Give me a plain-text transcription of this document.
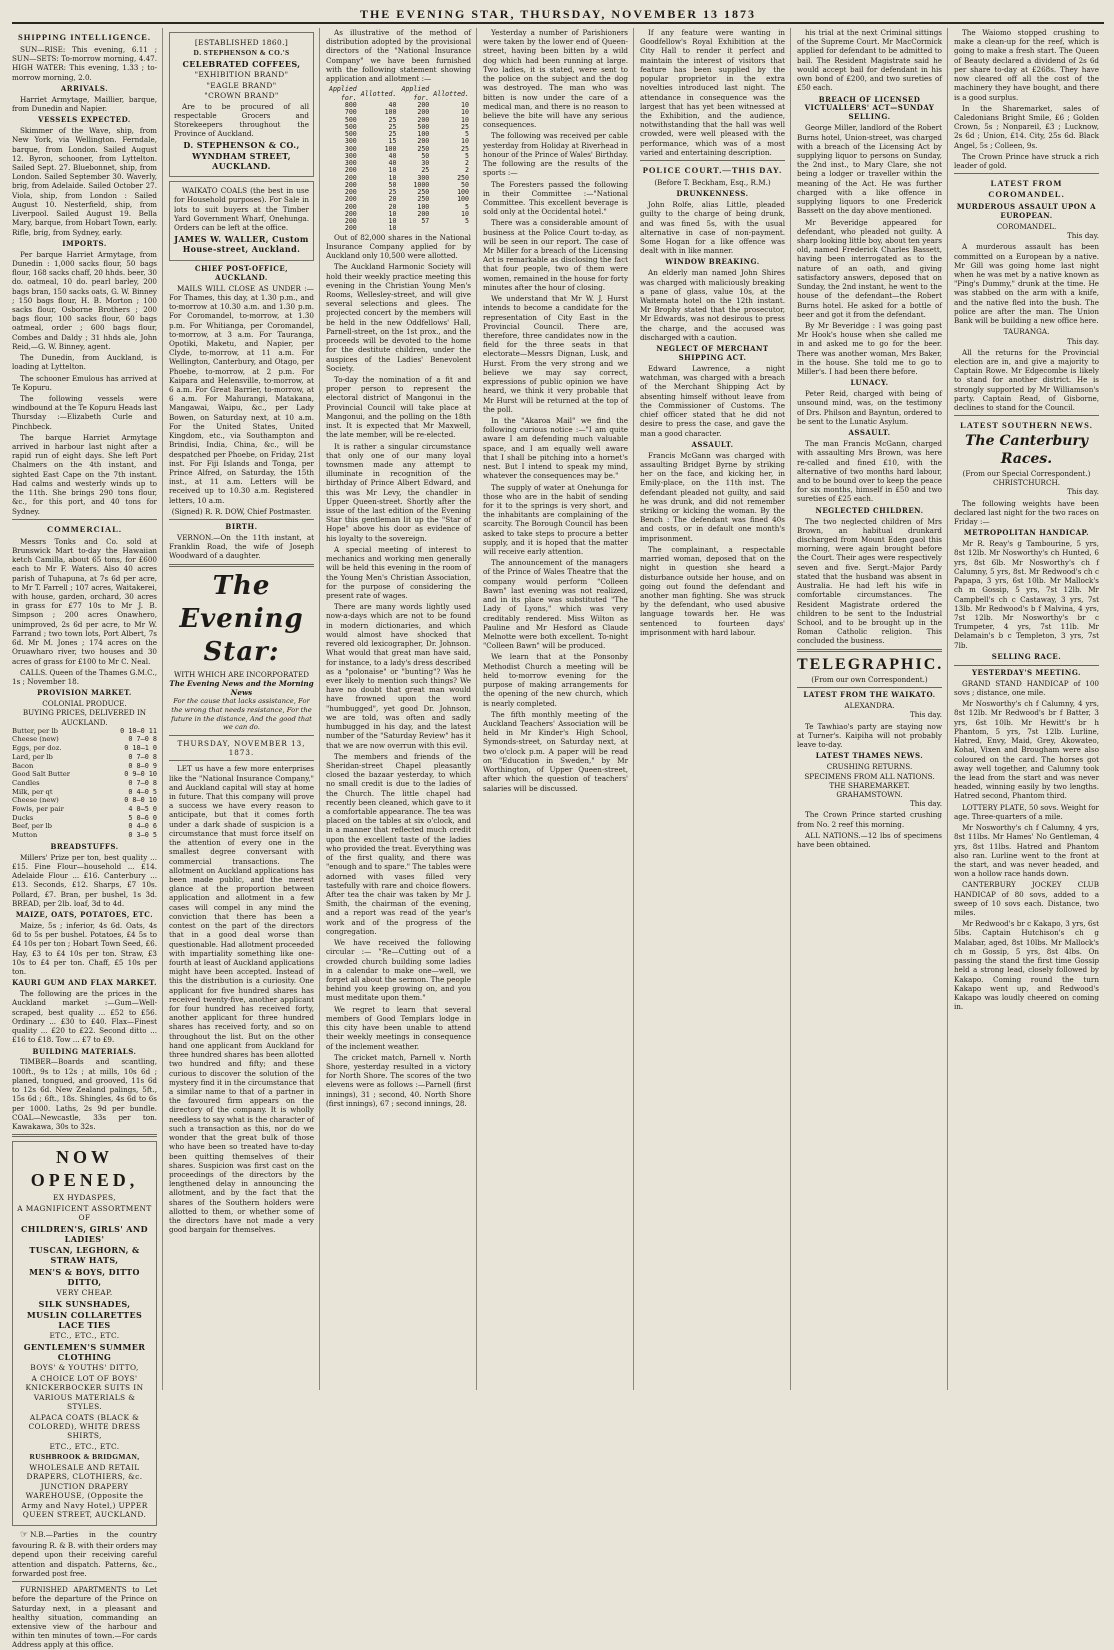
THE EVENING STAR, THURSDAY, NOVEMBER 13 1873
SHIPPING INTELLIGENCE.

SUN—RISE: This evening, 6.11 ; SUN—SETS: To-morrow morning, 4.47. HIGH WATER: This evening, 1.33 ; to-morrow morning, 2.0.

ARRIVALS.

Harriet Armytage, Maillier, barque, from Dunedin and Napier.

VESSELS EXPECTED.

Skimmer of the Wave, ship, from New York, via Wellington. Ferndale, barque, from London. Sailed August 12. Byron, schooner, from Lyttelton. Sailed Sept. 27. Bluebonnet, ship, from London. Sailed September 30. Waverly, brig, from Adelaide. Sailed October 27. Viola, ship, from London : Sailed August 10. Nesterfield, ship, from Liverpool. Sailed August 19. Bella Mary, barque, from Hobart Town, early. Rifle, brig, from Sydney, early.

IMPORTS.

Per barque Harriet Armytage, from Dunedin : 1,000 sacks flour, 50 bags flour, 168 sacks chaff, 20 hhds. beer, 30 do. oatmeal, 10 do. pearl barley, 200 bags bran, 150 sacks oats, G. W. Binney ; 150 bags flour, H. B. Morton ; 100 sacks flour, Osborne Brothers ; 200 bags flour, 100 sacks flour, 60 bags oatmeal, order ; 600 bags flour, Combes and Daldy ; 31 hhds ale, John Reid,—G. W. Binney, agent.

The Dunedin, from Auckland, is loading at Lyttelton.

The schooner Emulous has arrived at Te Kopuru.

The following vessels were windbound at the Te Kopuru Heads last Thursday :—Elizabeth Curle and Pinchbeck.

The barque Harriet Armytage arrived in harbour last night after a rapid run of eight days. She left Port Chalmers on the 4th instant, and sighted East Cape on the 7th instant. Had calms and westerly winds up to the 11th. She brings 290 tons flour, &c., for this port, and 40 tons for Sydney.

COMMERCIAL.

Messrs Tonks and Co. sold at Brunswick Mart to-day the Hawaiian ketch Camilla, about 65 tons, for £600 each to Mr F. Waters. Also 40 acres parish of Tuhapuna, at 7s 6d per acre, to Mr T. Farrell ; 107 acres, Waitakerei, with house, garden, orchard, 30 acres in grass for £77 10s to Mr J. B. Simpson ; 200 acres Onawhero, unimproved, 2s 6d per acre, to Mr W. Farrand ; two town lots, Port Albert, 7s 6d. Mr M. Jones ; 174 acres on the Oruawharo river, two houses and 30 acres of grass for £100 to Mr C. Neal.

CALLS. Queen of the Thames G.M.C., 1s ; November 18.

PROVISION MARKET.

COLONIAL PRODUCE.

BUYING PRICES, DELIVERED IN AUCKLAND.

Butter, per lb	0 10—0 11
Cheese (new)	0 7—0 8
Eggs, per doz.	0 10—1 0
Lard, per lb	0 7—0 8
Bacon	0 8—0 9
Good Salt Butter	0 9—0 10
Candles	0 7—0 8
Milk, per qt	0 4—0 5
Cheese (new)	0 8—0 10
Fowls, per pair	4 0—5 0
Ducks	5 0—6 0
Beef, per lb	0 4—0 6
Mutton	0 3—0 5
BREADSTUFFS.

Millers' Prize per ton, best quality ... £15. Fine Flour—household ... £14. Adelaide Flour ... £16. Canterbury ... £13. Seconds, £12. Sharps, £7 10s. Pollard, £7. Bran, per bushel, 1s 3d. BREAD, per 2lb. loaf, 3d to 4d.

MAIZE, OATS, POTATOES, ETC.

Maize, 5s ; inferior, 4s 6d. Oats, 4s 6d to 5s per bushel. Potatoes, £4 5s to £4 10s per ton ; Hobart Town Seed, £6. Hay, £3 to £4 10s per ton. Straw, £3 10s to £4 per ton. Chaff, £5 10s per ton.

KAURI GUM AND FLAX MARKET.

The following are the prices in the Auckland market :—Gum—Well-scraped, best quality ... £52 to £56. Ordinary ... £30 to £40. Flax—Finest quality ... £20 to £22. Second ditto ... £16 to £18. Tow ... £7 to £9.

BUILDING MATERIALS.

TIMBER—Boards and scantling, 100ft., 9s to 12s ; at mills, 10s 6d ; planed, tongued, and grooved, 11s 6d to 12s 6d. New Zealand palings, 5ft., 15s 6d ; 6ft., 18s. Shingles, 4s 6d to 6s per 1000. Laths, 2s 9d per bundle. COAL—Newcastle, 33s per ton. Kawakawa, 30s to 32s.

NOW OPENED,
EX HYDASPES,
A MAGNIFICENT ASSORTMENT OF
CHILDREN'S, GIRLS' AND LADIES'
TUSCAN, LEGHORN, & STRAW HATS,
MEN'S & BOYS, DITTO DITTO,
VERY CHEAP.
SILK SUNSHADES,
MUSLIN COLLARETTES LACE TIES
ETC., ETC., ETC.
GENTLEMEN'S SUMMER CLOTHING
BOYS' & YOUTHS' DITTO,
A CHOICE LOT OF BOYS' KNICKERBOCKER SUITS IN VARIOUS MATERIALS & STYLES.
ALPACA COATS (BLACK & COLORED), WHITE DRESS SHIRTS,
ETC., ETC., ETC.
RUSHBROOK & BRIDGMAN,
WHOLESALE AND RETAIL DRAPERS, CLOTHIERS, &c. JUNCTION DRAPERY WAREHOUSE, (Opposite the Army and Navy Hotel,) UPPER QUEEN STREET, AUCKLAND.

☞ N.B.—Parties in the country favouring R. & B. with their orders may depend upon their receiving careful attention and dispatch. Patterns, &c., forwarded post free.

FURNISHED APARTMENTS to Let before the departure of the Prince on Saturday next, in a pleasant and healthy situation, commanding an extensive view of the harbour and within ten minutes of town.—For cards Address apply at this office.

[ESTABLISHED 1860.]
D. STEPHENSON & CO.'S
CELEBRATED COFFEES,
"EXHIBITION BRAND"
"EAGLE BRAND"
"CROWN BRAND"

Are to be procured of all respectable Grocers and Storekeepers throughout the Province of Auckland.

D. STEPHENSON & CO., WYNDHAM STREET, AUCKLAND.

WAIKATO COALS (the best in use for Household purposes). For Sale in lots to suit buyers at the Timber Yard Government Wharf, Onehunga. Orders can be left at the office.

JAMES W. WALLER, Custom House-street, Auckland.
CHIEF POST-OFFICE, AUCKLAND.

MAILS WILL CLOSE AS UNDER :— For Thames, this day, at 1.30 p.m., and to-morrow at 10.30 a.m. and 1.30 p.m. For Coromandel, to-morrow, at 1.30 p.m. For Whitianga, per Coromandel, to-morrow, at 3 a.m. For Tauranga, Opotiki, Maketu, and Napier, per Clyde, to-morrow, at 11 a.m. For Wellington, Canterbury, and Otago, per Phoebe, to-morrow, at 2 p.m. For Kaipara and Helensville, to-morrow, at 6 a.m. For Great Barrier, to-morrow, at 6 a.m. For Mahurangi, Matakana, Mangawai, Waipu, &c., per Lady Bowen, on Saturday next, at 10 a.m. For the United States, United Kingdom, etc., via Southampton and Brindisi, India, China, &c., will be despatched per Phoebe, on Friday, 21st inst. For Fiji Islands and Tonga, per Prince Alfred, on Saturday, the 15th inst., at 11 a.m. Letters will be received up to 10.30 a.m. Registered letters, 10 a.m.

(Signed) R. R. DOW, Chief Postmaster.

BIRTH.

VERNON.—On the 11th instant, at Franklin Road, the wife of Joseph Woodward of a daughter.

The Evening Star:

WITH WHICH ARE INCORPORATED

The Evening News and the Morning News

For the cause that lacks assistance, For the wrong that needs resistance, For the future in the distance, And the good that we can do.

THURSDAY, NOVEMBER 13, 1873.

LET us have a few more enterprises like the "National Insurance Company," and Auckland capital will stay at home in future. That this company will prove a success we have every reason to anticipate, but that it comes forth under a dark shade of suspicion is a circumstance that must force itself on the attention of every one in the smallest degree conversant with commercial transactions. The allotment on Auckland applications has been made public, and the merest glance at the proportion between application and allotment in a few cases will compel in any mind the conviction that there has been a contest on the part of the directors that in a good deal worse than questionable. Had allotment proceeded with impartiality something like one-fourth at least of Auckland applications might have been accepted. Instead of this the distribution is a curiosity. One applicant for five hundred shares has received twenty-five, another applicant for four hundred has received forty, another applicant for three hundred shares has received forty, and so on throughout the list. But on the other hand one applicant from Auckland for three hundred shares has been allotted two hundred and fifty; and these curious to discover the solution of the mystery find it in the circumstance that a similar name to that of a partner in the favoured firm appears on the directory of the company. It is wholly needless to say what is the character of such a transaction as this, nor do we wonder that the great bulk of those who have been so treated have to-day been quitting themselves of their shares. Suspicion was first cast on the proceedings of the directors by the lengthened delay in announcing the allotment, and by the fact that the shares of the Southern holders were allotted to them, or whether some of the directors have not made a very good bargain for themselves.

As illustrative of the method of distribution adopted by the provisional directors of the "National Insurance Company" we have been furnished with the following statement showing application and allotment :—

Applied for.	Allotted.	Applied for.	Allotted.
800	40	200	10
700	100	200	10
500	25	200	10
500	25	500	25
500	25	100	5
300	15	200	10
300	100	250	25
300	40	50	5
300	40	30	2
200	10	25	2
200	10	300	250
200	50	1000	50
200	25	250	100
200	20	250	100
200	20	100	5
200	10	200	10
200	10	57	5
200	10		

Out of 82,000 shares in the National Insurance Company applied for by Auckland only 10,500 were allotted.

The Auckland Harmonic Society will hold their weekly practice meeting this evening in the Christian Young Men's Rooms, Wellesley-street, and will give several selections and glees. The projected concert by the members will be held in the new Oddfellows' Hall, Parnell-street, on the 1st prox., and the proceeds will be devoted to the home for the destitute children, under the auspices of the Ladies' Benevolent Society.

To-day the nomination of a fit and proper person to represent the electoral district of Mangonui in the Provincial Council will take place at Mangonui, and the polling on the 18th inst. It is expected that Mr Maxwell, the late member, will be re-elected.

It is rather a singular circumstance that only one of our many loyal townsmen made any attempt to illuminate in recognition of the birthday of Prince Albert Edward, and this was Mr Levy, the chandler in Upper Queen-street. Shortly after the issue of the last edition of the Evening Star this gentleman lit up the "Star of Hope" above his door as evidence of his loyalty to the sovereign.

A special meeting of interest to mechanics and working men generally will be held this evening in the room of the Young Men's Christian Association, for the purpose of considering the present rate of wages.

There are many words lightly used now-a-days which are not to be found in modern dictionaries, and which would almost have shocked that revered old lexicographer, Dr. Johnson. What would that great man have said, for instance, to a lady's dress described as a "polonaise" or "bunting"? Was he ever likely to mention such things? We have no doubt that great man would have frowned upon the word "humbugged", yet good Dr. Johnson, we are told, was often and sadly humbugged in his day, and the latest number of the "Saturday Review" has it that we are now overrun with this evil.

The members and friends of the Sheridan-street Chapel pleasantly closed the bazaar yesterday, to which no small credit is due to the ladies of the Church. The little chapel had recently been cleaned, which gave to it a comfortable appearance. The tea was placed on the tables at six o'clock, and in a manner that reflected much credit upon the excellent taste of the ladies who provided the treat. Everything was of the first quality, and there was "enough and to spare." The tables were adorned with vases filled very tastefully with rare and choice flowers. After tea the chair was taken by Mr J. Smith, the chairman of the evening, and a report was read of the year's work and of the progress of the congregation.

We have received the following circular :— "Re—Cutting out of a crowded church building some ladies in a calendar to make one—well, we forget all about the sermon. The people behind you keep growing on, and you must meditate upon them."

We regret to learn that several members of Good Templars lodge in this city have been unable to attend their weekly meetings in consequence of the inclement weather.

The cricket match, Parnell v. North Shore, yesterday resulted in a victory for North Shore. The scores of the two elevens were as follows :—Parnell (first innings), 31 ; second, 40. North Shore (first innings), 67 ; second innings, 28.

Yesterday a number of Parishioners were taken by the lower end of Queen-street, having been bitten by a wild dog which had been running at large. Two ladies, it is stated, were sent to the police on the subject and the dog was destroyed. The man who was bitten is now under the care of a medical man, and there is no reason to believe the bite will have any serious consequences.

The following was received per cable yesterday from Holiday at Riverhead in honour of the Prince of Wales' Birthday. The following are the results of the sports :—

The Foresters passed the following in their Committee :—"National Committee. This excellent beverage is sold only at the Occidental hotel."

There was a considerable amount of business at the Police Court to-day, as will be seen in our report. The case of Mr Miller for a breach of the Licensing Act is remarkable as disclosing the fact that four people, two of them were women, remained in the house for forty minutes after the hour of closing.

We understand that Mr W. J. Hurst intends to become a candidate for the representation of City East in the Provincial Council. There are, therefore, three candidates now in the field for the three seats in that electorate—Messrs Dignan, Lusk, and Hurst. From the very strong and we believe we may say correct, expressions of public opinion we have heard, we think it very probable that Mr Hurst will be returned at the top of the poll.

In the "Akaroa Mail" we find the following curious notice :—"I am quite aware I am defending much valuable space, and I am equally well aware that I shall be pitching into a hornet's nest. But I intend to speak my mind, whatever the consequences may be."

The supply of water at Onehunga for those who are in the habit of sending for it to the springs is very short, and the inhabitants are complaining of the scarcity. The Borough Council has been asked to take steps to procure a better supply, and it is hoped that the matter will receive early attention.

The announcement of the managers of the Prince of Wales Theatre that the company would perform "Colleen Bawn" last evening was not realized, and in its place was substituted "The Lady of Lyons," which was very creditably rendered. Miss Wilton as Pauline and Mr Hesford as Claude Melnotte were both excellent. To-night "Colleen Bawn" will be produced.

We learn that at the Ponsonby Methodist Church a meeting will be held to-morrow evening for the purpose of making arrangements for the opening of the new church, which is nearly completed.

The fifth monthly meeting of the Auckland Teachers' Association will be held in Mr Kinder's High School, Symonds-street, on Saturday next, at two o'clock p.m. A paper will be read on "Education in Sweden," by Mr Worthington, of Upper Queen-street, after which the question of teachers' salaries will be discussed.

If any feature were wanting in Goodfellow's Royal Exhibition at the City Hall to render it perfect and maintain the interest of visitors that feature has been supplied by the popular proprietor in the extra novelties introduced last night. The attendance in consequence was the largest that has yet been witnessed at the Exhibition, and the audience, notwithstanding that the hall was well crowded, were well pleased with the performance, which was of a most varied and entertaining description.

POLICE COURT.—THIS DAY.

(Before T. Beckham, Esq., R.M.)

DRUNKENNESS.

John Rolfe, alias Little, pleaded guilty to the charge of being drunk, and was fined 5s, with the usual alternative in case of non-payment. Some Hogan for a like offence was dealt with in like manner.

WINDOW BREAKING.

An elderly man named John Shires was charged with maliciously breaking a pane of glass, value 10s, at the Waitemata hotel on the 12th instant. Mr Brophy stated that the prosecutor, Mr Edwards, was not desirous to press the charge, and the accused was discharged with a caution.

NEGLECT OF MERCHANT SHIPPING ACT.

Edward Lawrence, a night watchman, was charged with a breach of the Merchant Shipping Act by absenting himself without leave from the Commissioner of Customs. The chief officer stated that he did not desire to press the case, and gave the man a good character.

ASSAULT.

Francis McGann was charged with assaulting Bridget Byrne by striking her on the face, and kicking her, in Emily-place, on the 11th inst. The defendant pleaded not guilty, and said he was drunk, and did not remember striking or kicking the woman. By the Bench : The defendant was fined 40s and costs, or in default one month's imprisonment.

The complainant, a respectable married woman, deposed that on the night in question she heard a disturbance outside her house, and on going out found the defendant and another man fighting. She was struck by the defendant, who used abusive language towards her. He was sentenced to fourteen days' imprisonment with hard labour.

his trial at the next Criminal sittings of the Supreme Court. Mr MacCormick applied for defendant to be admitted to bail. The Resident Magistrate said he would accept bail for defendant in his own bond of £200, and two sureties of £50 each.

BREACH OF LICENSED VICTUALLERS' ACT—SUNDAY SELLING.

George Miller, landlord of the Robert Burns hotel, Union-street, was charged with a breach of the Licensing Act by supplying liquor to persons on Sunday, the 2nd inst., to Mary Clare, she not being a lodger or traveller within the meaning of the Act. He was further charged with a like offence in supplying liquors to one Frederick Bassett on the day above mentioned.

Mr Beveridge appeared for defendant, who pleaded not guilty. A sharp looking little boy, about ten years old, named Frederick Charles Bassett, having been interrogated as to the nature of an oath, and giving satisfactory answers, deposed that on Sunday, the 2nd instant, he went to the house of the defendant—the Robert Burns hotel. He asked for a bottle of beer and got it from the defendant.

By Mr Beveridge : I was going past Mr Hook's house when she called me in and asked me to go for the beer. There was another woman, Mrs Baker, in the house. She told me to go to Miller's. I had been there before.

LUNACY.

Peter Reid, charged with being of unsound mind, was, on the testimony of Drs. Philson and Bayntun, ordered to be sent to the Lunatic Asylum.

ASSAULT.

The man Francis McGann, charged with assaulting Mrs Brown, was here re-called and fined £10, with the alternative of two months hard labour, and to be bound over to keep the peace for six months, himself in £50 and two sureties of £25 each.

NEGLECTED CHILDREN.

The two neglected children of Mrs Brown, an habitual drunkard discharged from Mount Eden gaol this morning, were again brought before the Court. Their ages were respectively seven and five. Sergt.-Major Pardy stated that the husband was absent in Australia. He had left his wife in comfortable circumstances. The Resident Magistrate ordered the children to be sent to the Industrial School, and to be brought up in the Roman Catholic religion. This concluded the business.

TELEGRAPHIC.

(From our own Correspondent.)

LATEST FROM THE WAIKATO.

ALEXANDRA.

This day.

Te Tawhiao's party are staying now at Turner's. Kaipiha will not probably leave to-day.

LATEST THAMES NEWS.

CRUSHING RETURNS.

SPECIMENS FROM ALL NATIONS.

THE SHAREMARKET.

GRAHAMSTOWN.

This day.

The Crown Prince started crushing from No. 2 reef this morning.

ALL NATIONS.—12 lbs of specimens have been obtained.

The Waiomo stopped crushing to make a clean-up for the reef, which is going to make a fresh start. The Queen of Beauty declared a dividend of 2s 6d per share to-day at £268s. They have now cleared off all the cost of the machinery they have bought, and there is a good surplus.

In the Sharemarket, sales of Caledonians Bright Smile, £6 ; Golden Crown, 5s ; Nonpareil, £3 ; Lucknow, 2s 6d ; Union, £14. City, 25s 6d. Black Angel, 5s ; Colleen, 9s.

The Crown Prince have struck a rich leader of gold.

LATEST FROM COROMANDEL.
MURDEROUS ASSAULT UPON A EUROPEAN.

COROMANDEL.

This day.

A murderous assault has been committed on a European by a native. Mr Gill was going home last night when he was met by a native known as "Ping's Dummy," drunk at the time. He was stabbed on the arm with a knife, and the native fled into the bush. The police are after the man. The Union Bank will be building a new office here.

TAURANGA.

This day.

All the returns for the Provincial election are in, and give a majority to Captain Rowe. Mr Edgecombe is likely to stand for another district. He is strongly supported by Mr Williamson's party. Captain Read, of Gisborne, declines to stand for the Council.

LATEST SOUTHERN NEWS.
The Canterbury Races.

(From our Special Correspondent.)

CHRISTCHURCH.

This day.

The following weights have been declared last night for the two races on Friday :—

METROPOLITAN HANDICAP.

Mr R. Reay's g Tambourine, 5 yrs, 8st 12lb. Mr Nosworthy's ch Hunted, 6 yrs, 8st 6lb. Mr Nosworthy's ch f Calumny, 5 yrs, 8st. Mr Redwood's ch c Papapa, 3 yrs, 6st 10lb. Mr Mallock's ch m Gossip, 5 yrs, 7st 12lb. Mr Campbell's ch c Castaway, 3 yrs, 7st 13lb. Mr Redwood's b f Malvina, 4 yrs, 7st 12lb. Mr Nosworthy's br c Trumpeter, 4 yrs, 7st 11lb. Mr Delamain's b c Templeton, 3 yrs, 7st 7lb.

SELLING RACE.
YESTERDAY'S MEETING.

GRAND STAND HANDICAP of 100 sovs ; distance, one mile.

Mr Nosworthy's ch f Calumny, 4 yrs, 8st 12lb. Mr Redwood's br f Batter, 3 yrs, 6st 10lb. Mr Hewitt's br h Phantom, 5 yrs, 7st 12lb. Lurline, Hatred, Envy, Maid, Grey, Akowateo, Kohai, Vixen and Brougham were also coloured on the card. The horses got away well together, and Calumny took the lead from the start and was never headed, winning easily by two lengths. Hatred second, Phantom third.

LOTTERY PLATE, 50 sovs. Weight for age. Three-quarters of a mile.

Mr Nosworthy's ch f Calumny, 4 yrs, 8st 11lbs. Mr Hames' No Gentleman, 4 yrs, 8st 11lbs. Hatred and Phantom also ran. Lurline went to the front at the start, and was never headed, and won a hollow race hands down.

CANTERBURY JOCKEY CLUB HANDICAP of 80 sovs, added to a sweep of 10 sovs each. Distance, two miles.

Mr Redwood's br c Kakapo, 3 yrs, 6st 5lbs. Captain Hutchison's ch g Malabar, aged, 8st 10lbs. Mr Mallock's ch m Gossip, 5 yrs, 8st 4lbs. On passing the stand the first time Gossip held a strong lead, closely followed by Kakapo. Coming round the turn Kakapo went up, and Redwood's Kakapo was loudly cheered on coming in.
